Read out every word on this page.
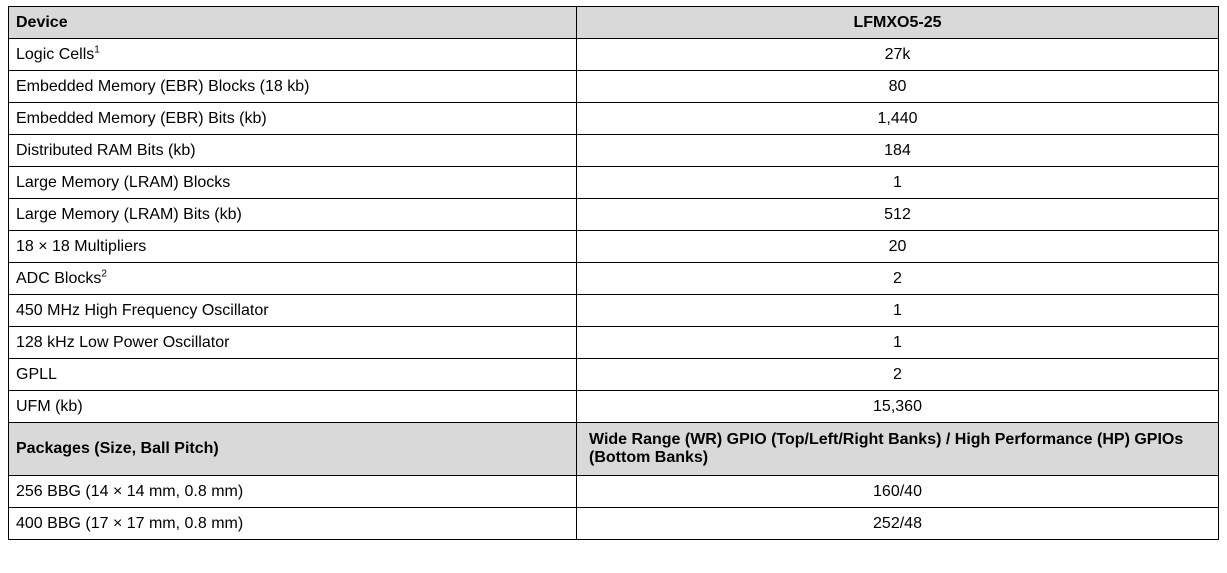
Device	LFMXO5-25
Logic Cells$^1$	27k
Embedded Memory (EBR) Blocks (18 kb)	80
Embedded Memory (EBR) Bits (kb)	1,440
Distributed RAM Bits (kb)	184
Large Memory (LRAM) Blocks	1
Large Memory (LRAM) Bits (kb)	512
18 × 18 Multipliers	20
ADC Blocks$^2$	2
450 MHz High Frequency Oscillator	1
128 kHz Low Power Oscillator	1
GPLL	2
UFM (kb)	15,360
Packages (Size, Ball Pitch)	Wide Range (WR) GPIO (Top/Left/Right Banks) / High Performance (HP) GPIOs (Bottom Banks)
256 BBG (14 × 14 mm, 0.8 mm)	160/40
400 BBG (17 × 17 mm, 0.8 mm)	252/48
